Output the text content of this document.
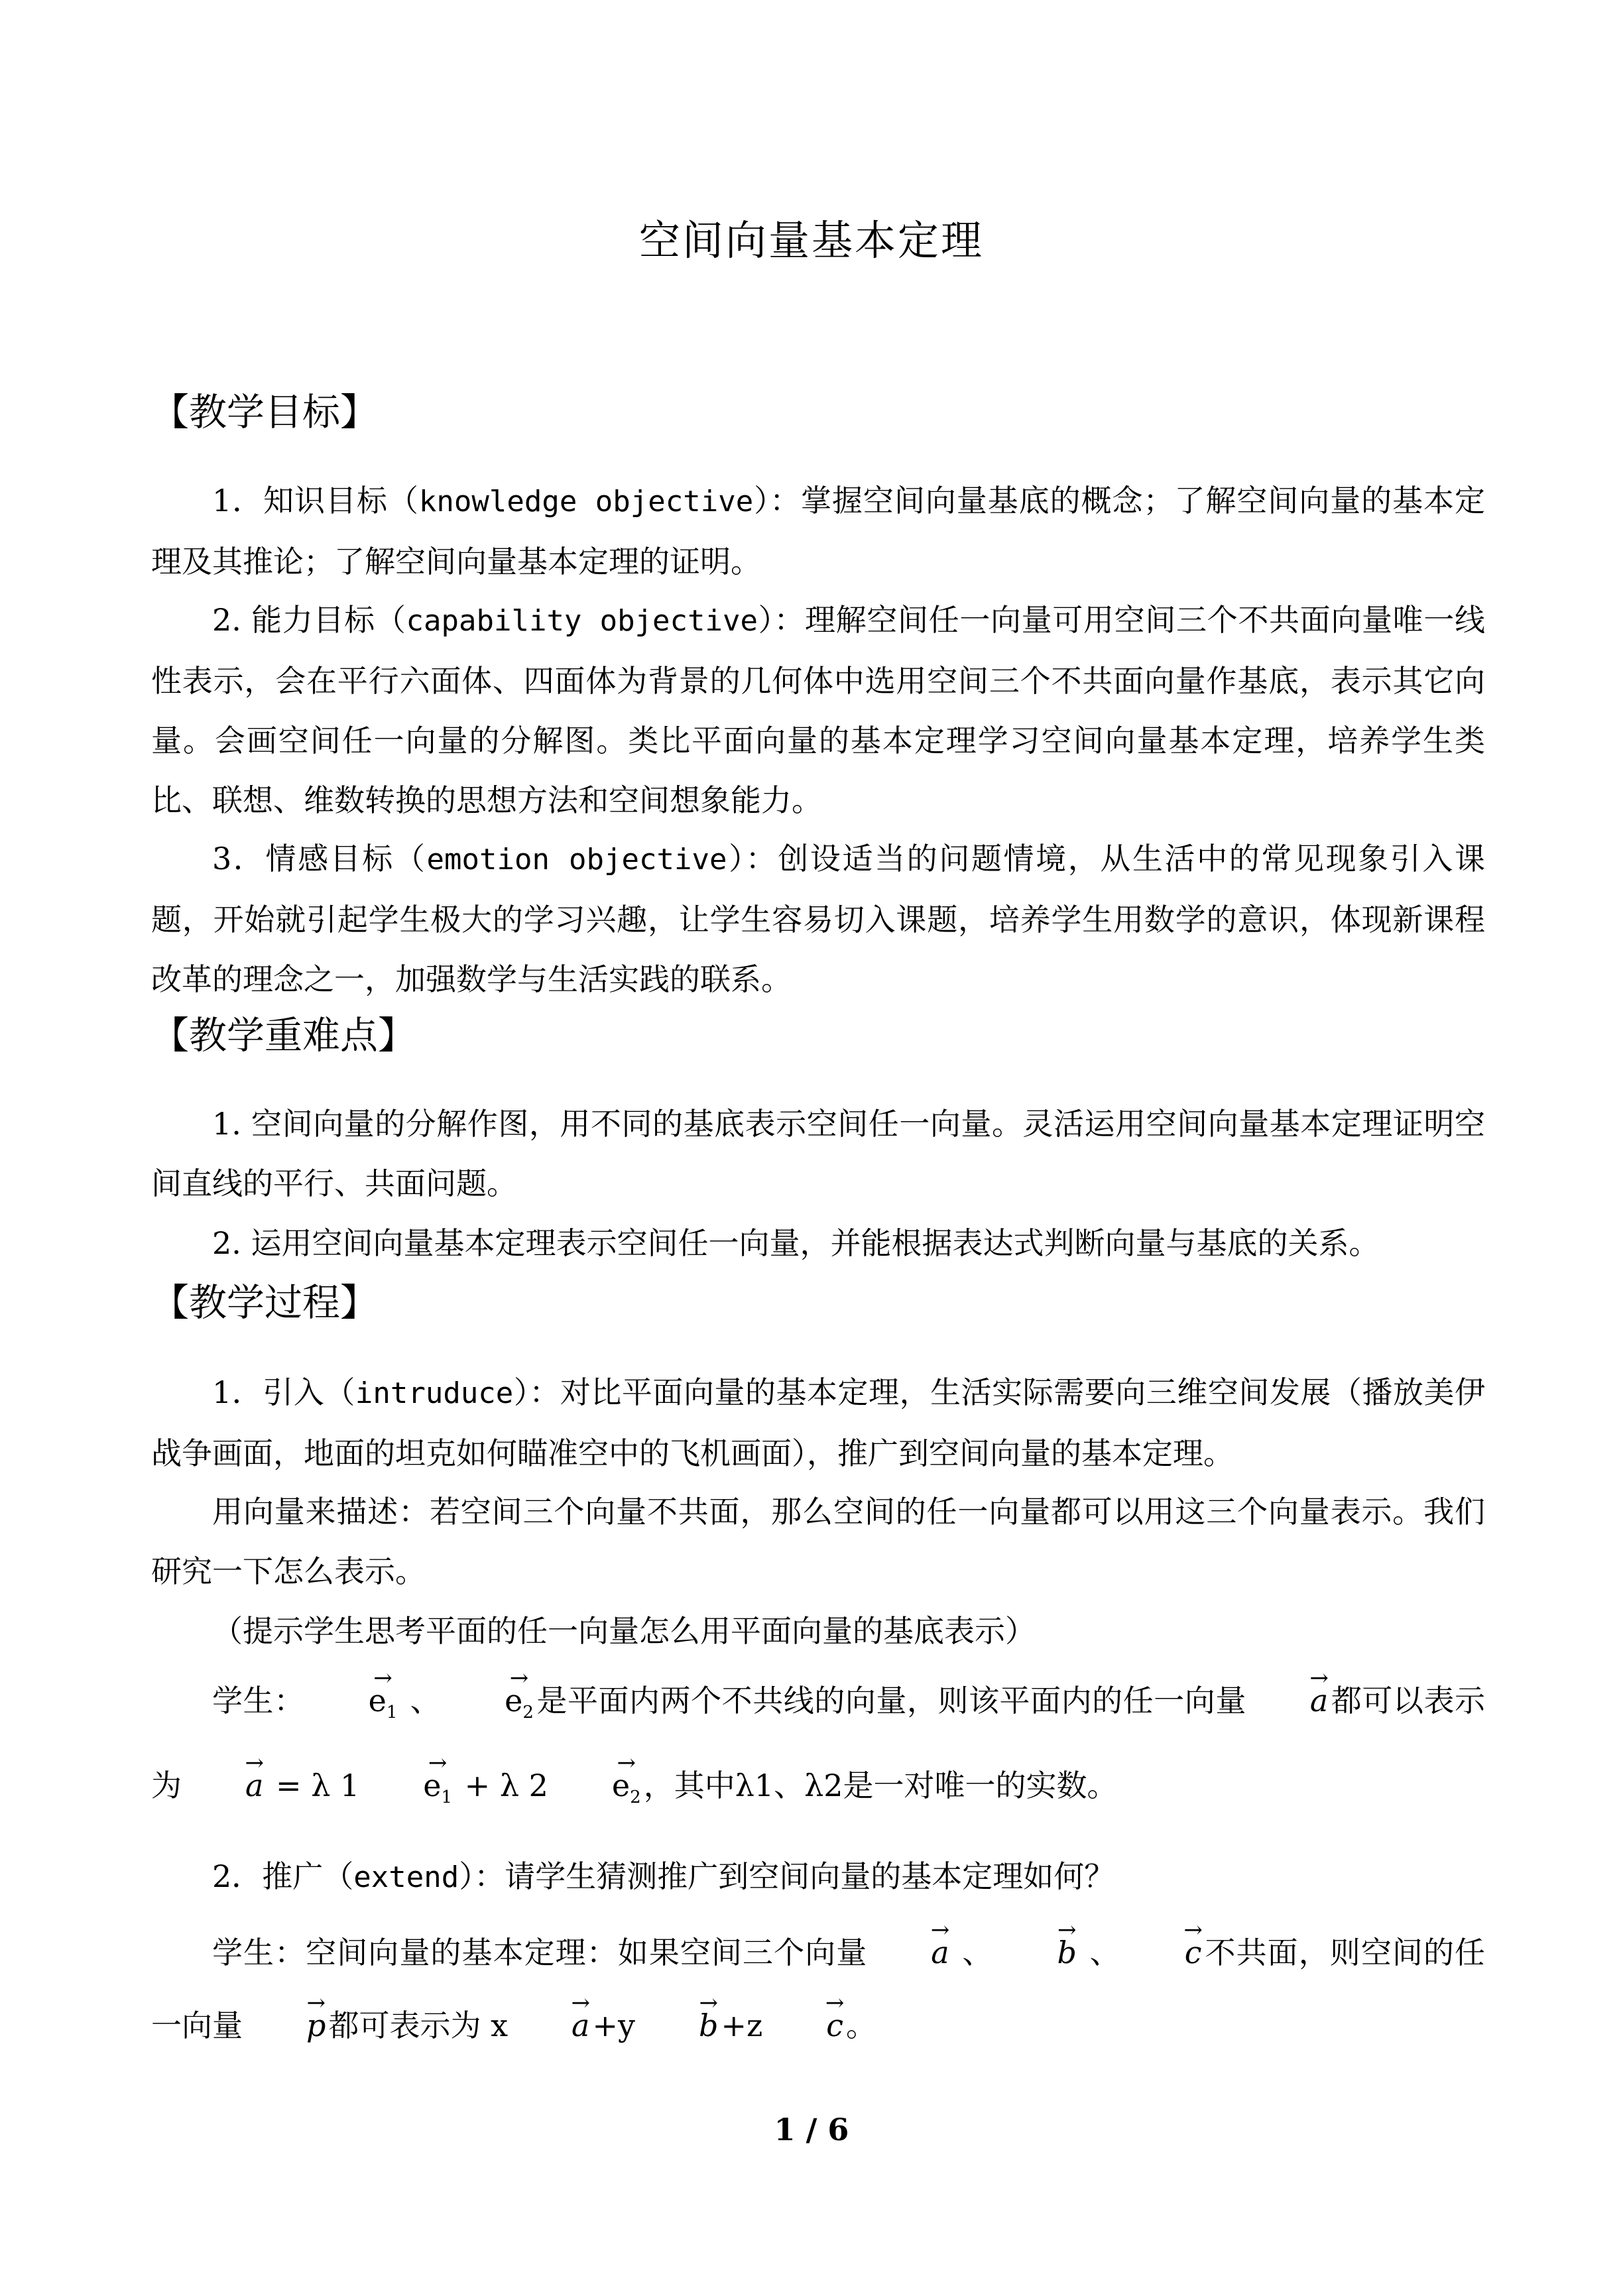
空间向量基本定理
【教学目标】
1．知识目标（knowledge objective）：掌握空间向量基底的概念；了解空间向量的基本定理及其推论；了解空间向量基本定理的证明。
2. 能力目标（capability objective）：理解空间任一向量可用空间三个不共面向量唯一线性表示，会在平行六面体、四面体为背景的几何体中选用空间三个不共面向量作基底，表示其它向量。会画空间任一向量的分解图。类比平面向量的基本定理学习空间向量基本定理，培养学生类比、联想、维数转换的思想方法和空间想象能力。
3．情感目标（emotion objective）：创设适当的问题情境，从生活中的常见现象引入课题，开始就引起学生极大的学习兴趣，让学生容易切入课题，培养学生用数学的意识，体现新课程改革的理念之一，加强数学与生活实践的联系。
【教学重难点】
1. 空间向量的分解作图，用不同的基底表示空间任一向量。灵活运用空间向量基本定理证明空间直线的平行、共面问题。
2. 运用空间向量基本定理表示空间任一向量，并能根据表达式判断向量与基底的关系。
【教学过程】
1．引入（intruduce）：对比平面向量的基本定理，生活实际需要向三维空间发展（播放美伊战争画面，地面的坦克如何瞄准空中的飞机画面），推广到空间向量的基本定理。
用向量来描述：若空间三个向量不共面，那么空间的任一向量都可以用这三个向量表示。我们研究一下怎么表示。
（提示学生思考平面的任一向量怎么用平面向量的基底表示）
学生： → $e_1$ 、 → $e_2$是平面内两个不共线的向量，则该平面内的任一向量 → a都可以表示为 → a = λ $1 \to e_1 + \lambda$ $2 \to e_2$，其中λ1、λ2是一对唯一的实数。
2．推广（extend）：请学生猜测推广到空间向量的基本定理如何？
学生：空间向量的基本定理：如果空间三个向量 → a 、 → b 、 → c不共面，则空间的任一向量 → p都可表示为 x → a+y → b+z → c。
1 / 6
